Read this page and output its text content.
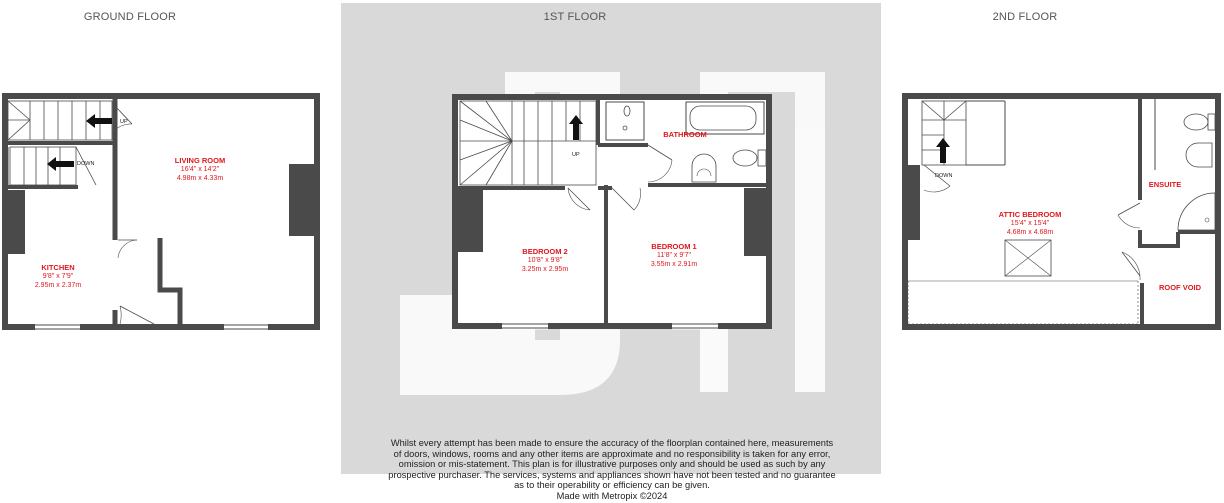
GROUND FLOOR	1ST FLOOR	2ND FLOOR
LIVING ROOM
16'4" x 14'2"
4.98m x 4.33m
KITCHEN
9'8" x 7'9"
2.95m x 2.37m
UP
DOWN
BATHROOM
BEDROOM 2
10'8" x 9'8"
3.25m x 2.95m
BEDROOM 1
11'8" x 9'7"
3.55m x 2.91m
UP
ENSUITE
ATTIC BEDROOM
15'4" x 15'4"
4.68m x 4.68m
ROOF VOID
DOWN
Whilst every attempt has been made to ensure the accuracy of the floorplan contained here, measurements
of doors, windows, rooms and any other items are approximate and no responsibility is taken for any error,
omission or mis-statement. This plan is for illustrative purposes only and should be used as such by any
prospective purchaser. The services, systems and appliances shown have not been tested and no guarantee
as to their operability or efficiency can be given.
Made with Metropix ©2024
